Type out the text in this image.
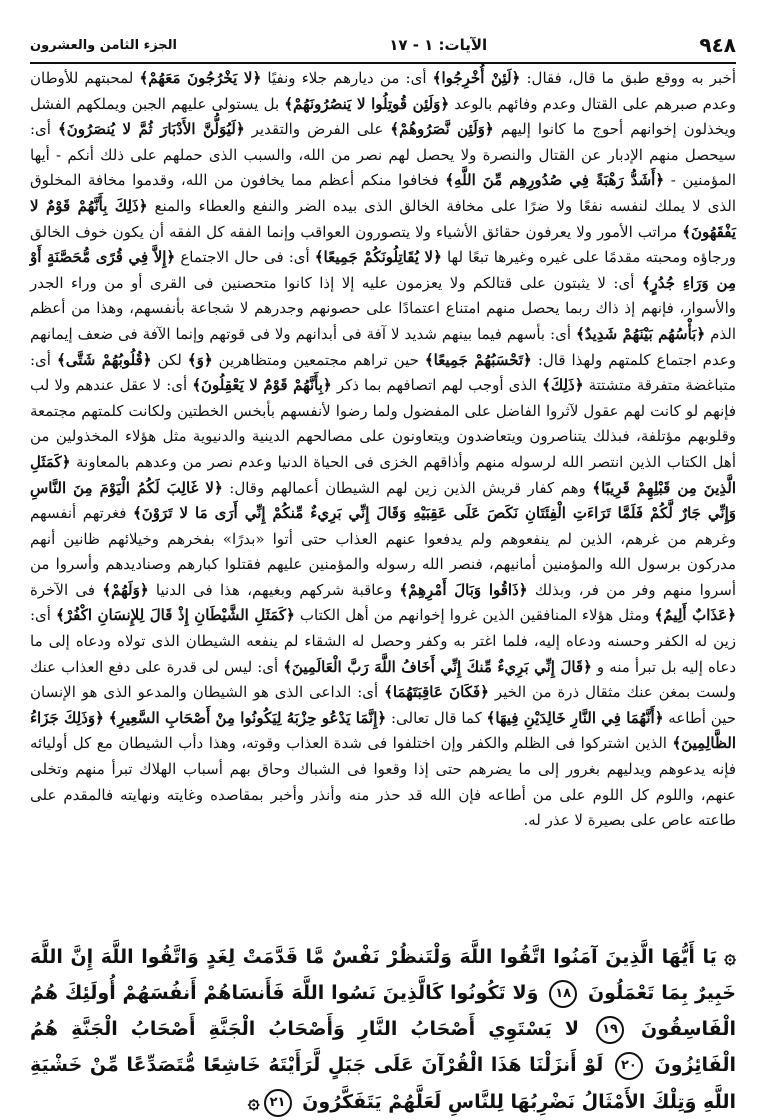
٩٤٨
الآيات: ١ - ١٧
الجزء الثامن والعشرون

أخبر به ووقع طبق ما قال، فقال: ﴿لَئِنْ أُخْرِجُوا﴾ أى: من ديارهم جلاء ونفيًا ﴿لا يَخْرُجُونَ مَعَهُمْ﴾ لمحبتهم للأوطان وعدم صبرهم على القتال وعدم وفائهم بالوعد ﴿وَلَئِن قُوتِلُوا لا يَنصُرُونَهُمْ﴾ بل يستولى عليهم الجبن ويملكهم الفشل ويخذلون إخوانهم أحوج ما كانوا إليهم ﴿وَلَئِن نَّصَرُوهُمْ﴾ على الفرض والتقدير ﴿لَيُوَلُّنَّ الأَدْبَارَ ثُمَّ لا يُنصَرُونَ﴾ أى: سيحصل منهم الإدبار عن القتال والنصرة ولا يحصل لهم نصر من الله، والسبب الذى حملهم على ذلك أنكم - أيها المؤمنين - ﴿أَشَدُّ رَهْبَةً فِي صُدُورِهِم مِّنَ اللَّهِ﴾ فخافوا منكم أعظم مما يخافون من الله، وقدموا مخافة المخلوق الذى لا يملك لنفسه نفعًا ولا ضرًا على مخافة الخالق الذى بيده الضر والنفع والعطاء والمنع ﴿ذَلِكَ بِأَنَّهُمْ قَوْمٌ لا يَفْقَهُونَ﴾ مراتب الأمور ولا يعرفون حقائق الأشياء ولا يتصورون العواقب وإنما الفقه كل الفقه أن يكون خوف الخالق ورجاؤه ومحبته مقدمًا على غيره وغيرها تبعًا لها ﴿لا يُقَاتِلُونَكُمْ جَمِيعًا﴾ أى: فى حال الاجتماع ﴿إِلاَّ فِي قُرًى مُّحَصَّنَةٍ أَوْ مِن وَرَاءِ جُدُرٍ﴾ أى: لا يثبتون على قتالكم ولا يعزمون عليه إلا إذا كانوا متحصنين فى القرى أو من وراء الجدر والأسوار، فإنهم إذ ذاك ربما يحصل منهم امتناع اعتمادًا على حصونهم وجدرهم لا شجاعة بأنفسهم، وهذا من أعظم الذم ﴿بَأْسُهُم بَيْنَهُمْ شَدِيدٌ﴾ أى: بأسهم فيما بينهم شديد لا آفة فى أبدانهم ولا فى قوتهم وإنما الآفة فى ضعف إيمانهم وعدم اجتماع كلمتهم ولهذا قال: ﴿تَحْسَبُهُمْ جَمِيعًا﴾ حين تراهم مجتمعين ومتظاهرين ﴿وَ﴾ لكن ﴿قُلُوبُهُمْ شَتَّى﴾ أى: متباغضة متفرقة متشتتة ﴿ذَلِكَ﴾ الذى أوجب لهم اتصافهم بما ذكر ﴿بِأَنَّهُمْ قَوْمٌ لا يَعْقِلُونَ﴾ أى: لا عقل عندهم ولا لب فإنهم لو كانت لهم عقول لآثروا الفاضل على المفضول ولما رضوا لأنفسهم بأبخس الخطتين ولكانت كلمتهم مجتمعة وقلوبهم مؤتلفة، فبذلك يتناصرون ويتعاضدون ويتعاونون على مصالحهم الدينية والدنيوية مثل هؤلاء المخذولين من أهل الكتاب الذين انتصر الله لرسوله منهم وأذاقهم الخزى فى الحياة الدنيا وعدم نصر من وعدهم بالمعاونة ﴿كَمَثَلِ الَّذِينَ مِن قَبْلِهِمْ قَرِيبًا﴾ وهم كفار قريش الذين زين لهم الشيطان أعمالهم وقال: ﴿لا غَالِبَ لَكُمُ الْيَوْمَ مِنَ النَّاسِ وَإِنِّي جَارٌ لَّكُمْ فَلَمَّا تَرَاءَتِ الْفِئَتَانِ نَكَصَ عَلَى عَقِبَيْهِ وَقَالَ إِنِّي بَرِيءٌ مِّنكُمْ إِنِّي أَرَى مَا لا تَرَوْنَ﴾ فغرتهم أنفسهم وغرهم من غرهم، الذين لم ينفعوهم ولم يدفعوا عنهم العذاب حتى أتوا «بدرًا» بفخرهم وخيلائهم ظانين أنهم مدركون برسول الله والمؤمنين أمانيهم، فنصر الله رسوله والمؤمنين عليهم فقتلوا كبارهم وصناديدهم وأسروا من أسروا منهم وفر من فر، وبذلك ﴿ذَاقُوا وَبَالَ أَمْرِهِمْ﴾ وعاقبة شركهم وبغيهم، هذا فى الدنيا ﴿وَلَهُمْ﴾ فى الآخرة ﴿عَذَابٌ أَلِيمٌ﴾ ومثل هؤلاء المنافقين الذين غروا إخوانهم من أهل الكتاب ﴿كَمَثَلِ الشَّيْطَانِ إِذْ قَالَ لِلإِنسَانِ اكْفُرْ﴾ أى: زين له الكفر وحسنه ودعاه إليه، فلما اغتر به وكفر وحصل له الشقاء لم ينفعه الشيطان الذى تولاه ودعاه إلى ما دعاه إليه بل تبرأ منه و ﴿قَالَ إِنِّي بَرِيءٌ مِّنكَ إِنِّي أَخَافُ اللَّهَ رَبَّ الْعَالَمِينَ﴾ أى: ليس لى قدرة على دفع العذاب عنك ولست بمغن عنك مثقال ذرة من الخير ﴿فَكَانَ عَاقِبَتَهُمَا﴾ أى: الداعى الذى هو الشيطان والمدعو الذى هو الإنسان حين أطاعه ﴿أَنَّهُمَا فِي النَّارِ خَالِدَيْنِ فِيهَا﴾ كما قال تعالى: ﴿إِنَّمَا يَدْعُو حِزْبَهُ لِيَكُونُوا مِنْ أَصْحَابِ السَّعِيرِ﴾ ﴿وَذَلِكَ جَزَاءُ الظَّالِمِينَ﴾ الذين اشتركوا فى الظلم والكفر وإن اختلفوا فى شدة العذاب وقوته، وهذا دأب الشيطان مع كل أوليائه فإنه يدعوهم ويدليهم بغرور إلى ما يضرهم حتى إذا وقعوا فى الشباك وحاق بهم أسباب الهلاك تبرأ منهم وتخلى عنهم، واللوم كل اللوم على من أطاعه فإن الله قد حذر منه وأنذر وأخبر بمقاصده وغايته ونهايته فالمقدم على طاعته عاص على بصيرة لا عذر له.

۞ يَا أَيُّهَا الَّذِينَ آمَنُوا اتَّقُوا اللَّهَ وَلْتَنظُرْ نَفْسٌ مَّا قَدَّمَتْ لِغَدٍ وَاتَّقُوا اللَّهَ إِنَّ اللَّهَ خَبِيرٌ بِمَا تَعْمَلُونَ ١٨ وَلا تَكُونُوا كَالَّذِينَ نَسُوا اللَّهَ فَأَنسَاهُمْ أَنفُسَهُمْ أُولَئِكَ هُمُ الْفَاسِقُونَ ١٩ لا يَسْتَوِي أَصْحَابُ النَّارِ وَأَصْحَابُ الْجَنَّةِ أَصْحَابُ الْجَنَّةِ هُمُ الْفَائِزُونَ ٢٠ لَوْ أَنزَلْنَا هَذَا الْقُرْآنَ عَلَى جَبَلٍ لَّرَأَيْتَهُ خَاشِعًا مُّتَصَدِّعًا مِّنْ خَشْيَةِ اللَّهِ وَتِلْكَ الأَمْثَالُ نَضْرِبُهَا لِلنَّاسِ لَعَلَّهُمْ يَتَفَكَّرُونَ ٢١۞
